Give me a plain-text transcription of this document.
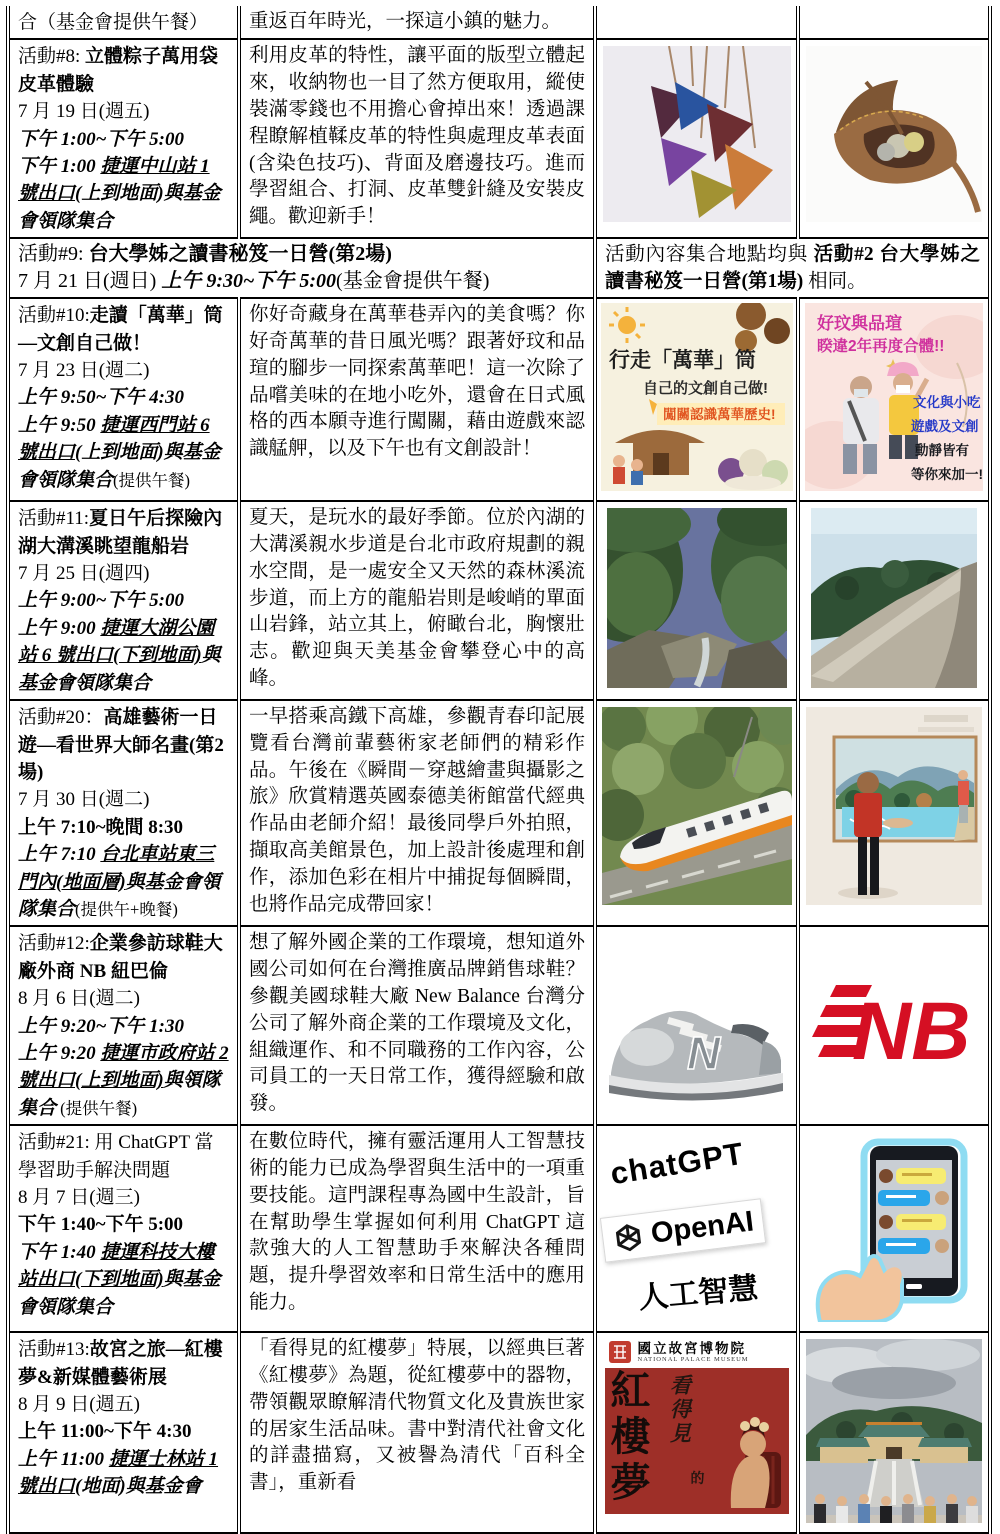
合（基金會提供午餐）	重返百年時光，一探這小鎮的魅力。		
活動#8: 立體粽子萬用袋皮革體驗
7 月 19 日(週五)
下午 1:00~下午 5:00
下午 1:00 捷運中山站 1 號出口(上到地面)與基金會領隊集合	利用皮革的特性，讓平面的版型立體起來，收納物也一目了然方便取用，縱使裝滿零錢也不用擔心會掉出來！透過課程瞭解植鞣皮革的特性與處理皮革表面(含染色技巧)、背面及磨邊技巧。進而學習組合、打洞、皮革雙針縫及安裝皮繩。歡迎新手！		

活動#9: 台大學姊之讀書秘笈一日營(第2場)
7 月 21 日(週日) 上午 9:30~下午 5:00(基金會提供午餐)		活動內容集合地點均與 活動#2 台大學姊之讀書秘笈一日營(第1場) 相同。	
活動#10:走讀「萬華」筒—文創自己做！
7 月 23 日(週二)
上午 9:50~下午 4:30
上午 9:50 捷運西門站 6 號出口(上到地面)與基金會領隊集合(提供午餐)	你好奇藏身在萬華巷弄內的美食嗎？你好奇萬華的昔日風光嗎？跟著妤玟和品瑄的腳步一同探索萬華吧！這一次除了品嚐美味的在地小吃外，還會在日式風格的西本願寺進行闖關，藉由遊戲來認識艋舺，以及下午也有文創設計！	
行走「萬華」筒
自己的文創自己做!
闖關認識萬華歷史!

好玟與品瑄
睽違2年再度合體!!
文化與小吃
遊戲及文創
動靜皆有
等你來加一!

活動#11:夏日午后探險內湖大溝溪眺望龍船岩
7 月 25 日(週四)
上午 9:00~下午 5:00
上午 9:00 捷運大湖公園站 6 號出口(下到地面)與基金會領隊集合	夏天，是玩水的最好季節。位於內湖的大溝溪親水步道是台北市政府規劃的親水空間，是一處安全又天然的森林溪流步道，而上方的龍船岩則是峻峭的單面山岩鋒，站立其上，俯瞰台北，胸懷壯志。歡迎與天美基金會攀登心中的高峰。		
活動#20：高雄藝術一日遊—看世界大師名畫(第2場)
7 月 30 日(週二)
上午 7:10~晚間 8:30
上午 7:10 台北車站東三門內(地面層)與基金會領隊集合(提供午+晚餐)	一早搭乘高鐵下高雄，參觀青春印記展覽看台灣前輩藝術家老師們的精彩作品。午後在《瞬間－穿越繪畫與攝影之旅》欣賞精選英國泰德美術館當代經典作品由老師介紹！最後同學戶外拍照，擷取高美館景色，加上設計後處理和創作，添加色彩在相片中捕捉每個瞬間，也將作品完成帶回家！		
活動#12:企業參訪球鞋大廠外商 NB 紐巴倫
8 月 6 日(週二)
上午 9:20~下午 1:30
上午 9:20 捷運市政府站 2 號出口(上到地面)與領隊集合 (提供午餐)	想了解外國企業的工作環境，想知道外國公司如何在台灣推廣品牌銷售球鞋？參觀美國球鞋大廠 New Balance 台灣分公司了解外商企業的工作環境及文化，組織運作、和不同職務的工作內容，公司員工的一天日常工作，獲得經驗和啟發。	N	NB

活動#21: 用 ChatGPT 當學習助手解決問題
8 月 7 日(週三)
下午 1:40~下午 5:00
下午 1:40 捷運科技大樓站出口(下到地面)與基金會領隊集合	在數位時代，擁有靈活運用人工智慧技術的能力已成為學習與生活中的一項重要技能。這門課程專為國中生設計，旨在幫助學生掌握如何利用 ChatGPT 這款強大的人工智慧助手來解決各種問題，提升學習效率和日常生活中的應用能力。	
chatGPT
OpenAI
人工智慧

活動#13:故宮之旅—紅樓夢&新媒體藝術展
8 月 9 日(週五)
上午 11:00~下午 4:30
上午 11:00 捷運士林站 1 號出口(地面)與基金會	「看得見的紅樓夢」特展，以經典巨著《紅樓夢》為題，從紅樓夢中的器物，帶領觀眾瞭解清代物質文化及貴族世家的居家生活品味。書中對清代社會文化的詳盡描寫，又被譽為清代「百科全書」，重新看	
國立故宮博物院
NATIONAL PALACE MUSEUM
紅
樓
夢
看得見
的
